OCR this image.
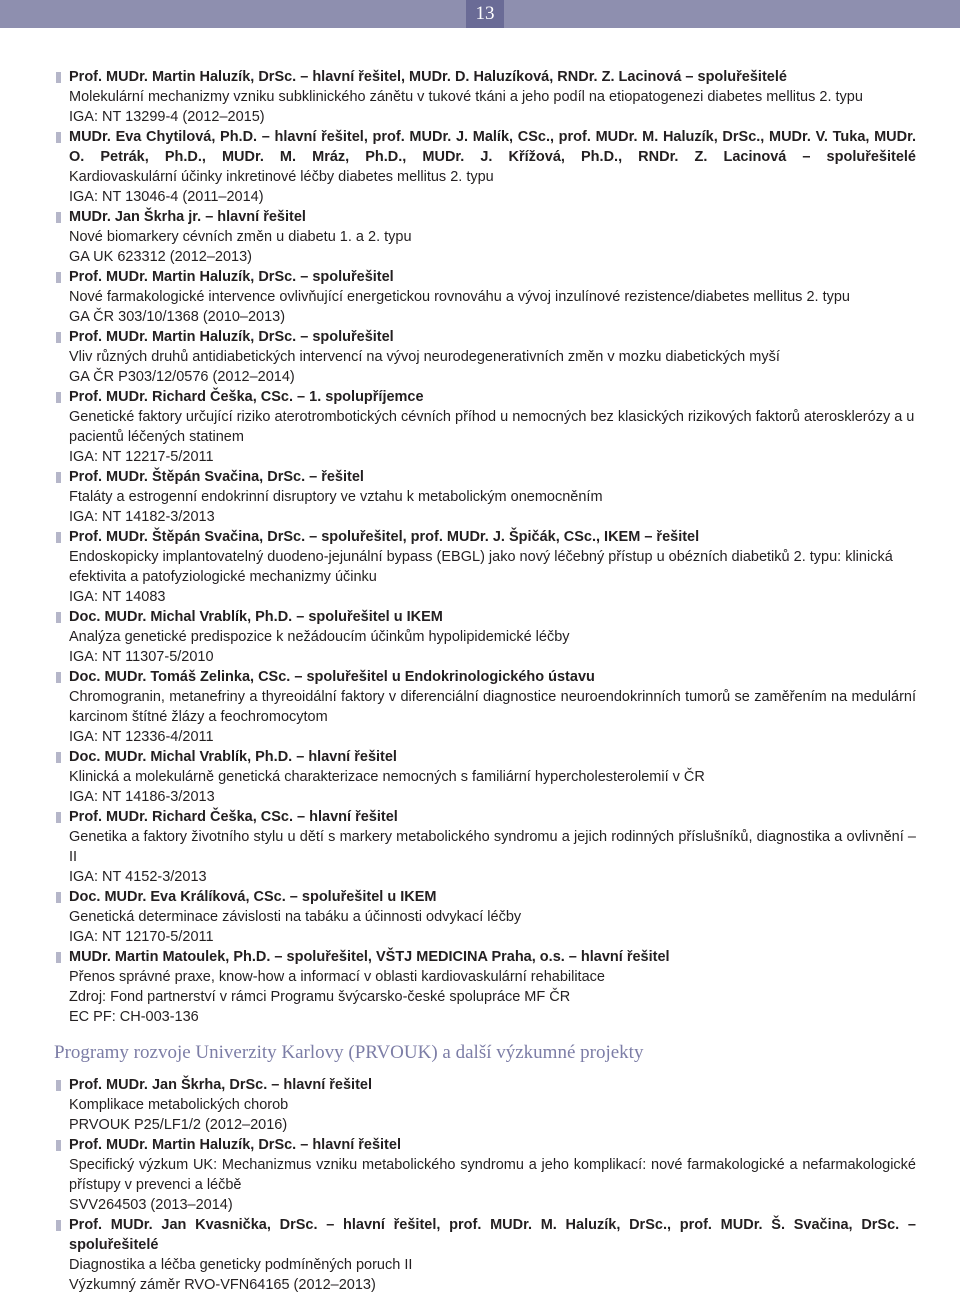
13
Prof. MUDr. Martin Haluzík, DrSc. – hlavní řešitel, MUDr. D. Haluzíková, RNDr. Z. Lacinová – spoluřešitelé
Molekulární mechanizmy vzniku subklinického zánětu v tukové tkáni a jeho podíl na etiopatogenezi diabetes mellitus 2. typu
IGA: NT 13299-4 (2012–2015)
MUDr. Eva Chytilová, Ph.D. – hlavní řešitel, prof. MUDr. J. Malík, CSc., prof. MUDr. M. Haluzík, DrSc., MUDr. V. Tuka, MUDr. O. Petrák, Ph.D., MUDr. M. Mráz, Ph.D., MUDr. J. Křížová, Ph.D., RNDr. Z. Lacinová – spoluřešitelé
Kardiovaskulární účinky inkretinové léčby diabetes mellitus 2. typu
IGA: NT 13046-4 (2011–2014)
MUDr. Jan Škrha jr. – hlavní řešitel
Nové biomarkery cévních změn u diabetu 1. a 2. typu
GA UK 623312 (2012–2013)
Prof. MUDr. Martin Haluzík, DrSc. – spoluřešitel
Nové farmakologické intervence ovlivňující energetickou rovnováhu a vývoj inzulínové rezistence/diabetes mellitus 2. typu
GA ČR 303/10/1368 (2010–2013)
Prof. MUDr. Martin Haluzík, DrSc. – spoluřešitel
Vliv různých druhů antidiabetických intervencí na vývoj neurodegenerativních změn v mozku diabetických myší
GA ČR P303/12/0576 (2012–2014)
Prof. MUDr. Richard Češka, CSc. – 1. spolupříjemce
Genetické faktory určující riziko aterotrombotických cévních příhod u nemocných bez klasických rizikových faktorů aterosklerózy a u pacientů léčených statinem
IGA: NT 12217-5/2011
Prof. MUDr. Štěpán Svačina, DrSc. – řešitel
Ftaláty a estrogenní endokrinní disruptory ve vztahu k metabolickým onemocněním
IGA: NT 14182-3/2013
Prof. MUDr. Štěpán Svačina, DrSc. – spoluřešitel, prof. MUDr. J. Špičák, CSc., IKEM – řešitel
Endoskopicky implantovatelný duodeno-jejunální bypass (EBGL) jako nový léčebný přístup u obézních diabetiků 2. typu: klinická efektivita a patofyziologické mechanizmy účinku
IGA: NT 14083
Doc. MUDr. Michal Vrablík, Ph.D. – spoluřešitel u IKEM
Analýza genetické predispozice k nežádoucím účinkům hypolipidemické léčby
IGA: NT 11307-5/2010
Doc. MUDr. Tomáš Zelinka, CSc. – spoluřešitel u Endokrinologického ústavu
Chromogranin, metanefriny a thyreoidální faktory v diferenciální diagnostice neuroendokrinních tumorů se zaměřením na medulární karcinom štítné žlázy a feochromocytom
IGA: NT 12336-4/2011
Doc. MUDr. Michal Vrablík, Ph.D. – hlavní řešitel
Klinická a molekulárně genetická charakterizace nemocných s familiární hypercholesterolemií v ČR
IGA: NT 14186-3/2013
Prof. MUDr. Richard Češka, CSc. – hlavní řešitel
Genetika a faktory životního stylu u dětí s markery metabolického syndromu a jejich rodinných příslušníků, diagnostika a ovlivnění – II
IGA: NT 4152-3/2013
Doc. MUDr. Eva Králíková, CSc. – spoluřešitel u IKEM
Genetická determinace závislosti na tabáku a účinnosti odvykací léčby
IGA: NT 12170-5/2011
MUDr. Martin Matoulek, Ph.D. – spoluřešitel, VŠTJ MEDICINA Praha, o.s. – hlavní řešitel
Přenos správné praxe, know-how a informací v oblasti kardiovaskulární rehabilitace
Zdroj: Fond partnerství v rámci Programu švýcarsko-české spolupráce MF ČR
EC PF: CH-003-136
Programy rozvoje Univerzity Karlovy (PRVOUK) a další výzkumné projekty
Prof. MUDr. Jan Škrha, DrSc. – hlavní řešitel
Komplikace metabolických chorob
PRVOUK P25/LF1/2 (2012–2016)
Prof. MUDr. Martin Haluzík, DrSc. – hlavní řešitel
Specifický výzkum UK: Mechanizmus vzniku metabolického syndromu a jeho komplikací: nové farmakologické a nefarmakologické přístupy v prevenci a léčbě
SVV264503 (2013–2014)
Prof. MUDr. Jan Kvasnička, DrSc. – hlavní řešitel, prof. MUDr. M. Haluzík, DrSc., prof. MUDr. Š. Svačina, DrSc. – spoluřešitelé
Diagnostika a léčba geneticky podmíněných poruch II
Výzkumný záměr RVO-VFN64165 (2012–2013)
